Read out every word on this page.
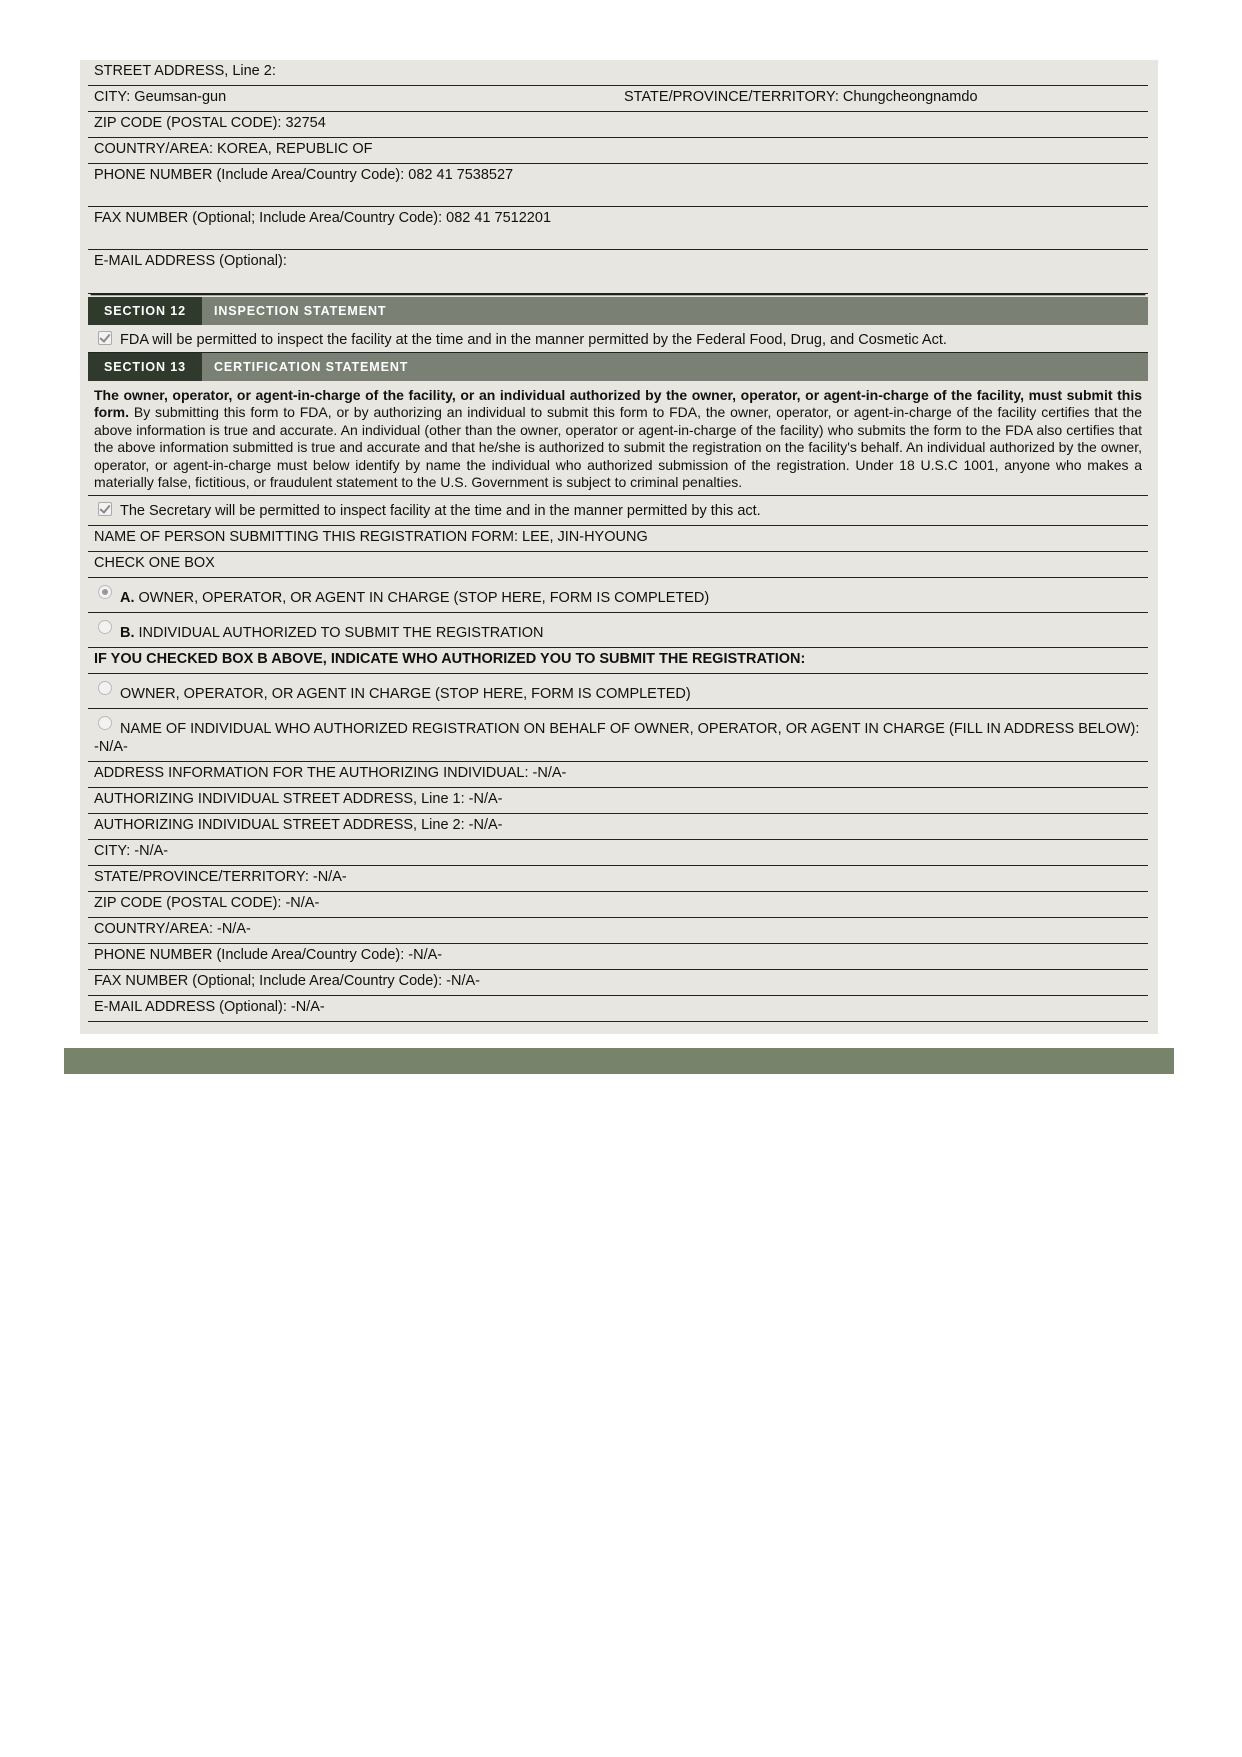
STREET ADDRESS, Line 2:
CITY: Geumsan-gun	STATE/PROVINCE/TERRITORY: Chungcheongnamdo
ZIP CODE (POSTAL CODE): 32754
COUNTRY/AREA: KOREA, REPUBLIC OF
PHONE NUMBER (Include Area/Country Code): 082 41 7538527
FAX NUMBER (Optional; Include Area/Country Code): 082 41 7512201
E-MAIL ADDRESS (Optional):
SECTION 12	INSPECTION STATEMENT
FDA will be permitted to inspect the facility at the time and in the manner permitted by the Federal Food, Drug, and Cosmetic Act.
SECTION 13	CERTIFICATION STATEMENT
The owner, operator, or agent-in-charge of the facility, or an individual authorized by the owner, operator, or agent-in-charge of the facility, must submit this form. By submitting this form to FDA, or by authorizing an individual to submit this form to FDA, the owner, operator, or agent-in-charge of the facility certifies that the above information is true and accurate. An individual (other than the owner, operator or agent-in-charge of the facility) who submits the form to the FDA also certifies that the above information submitted is true and accurate and that he/she is authorized to submit the registration on the facility's behalf. An individual authorized by the owner, operator, or agent-in-charge must below identify by name the individual who authorized submission of the registration. Under 18 U.S.C 1001, anyone who makes a materially false, fictitious, or fraudulent statement to the U.S. Government is subject to criminal penalties.
The Secretary will be permitted to inspect facility at the time and in the manner permitted by this act.
NAME OF PERSON SUBMITTING THIS REGISTRATION FORM: LEE, JIN-HYOUNG
CHECK ONE BOX
A. OWNER, OPERATOR, OR AGENT IN CHARGE (STOP HERE, FORM IS COMPLETED)
B. INDIVIDUAL AUTHORIZED TO SUBMIT THE REGISTRATION
IF YOU CHECKED BOX B ABOVE, INDICATE WHO AUTHORIZED YOU TO SUBMIT THE REGISTRATION:
OWNER, OPERATOR, OR AGENT IN CHARGE (STOP HERE, FORM IS COMPLETED)
NAME OF INDIVIDUAL WHO AUTHORIZED REGISTRATION ON BEHALF OF OWNER, OPERATOR, OR AGENT IN CHARGE (FILL IN ADDRESS BELOW): -N/A-
ADDRESS INFORMATION FOR THE AUTHORIZING INDIVIDUAL: -N/A-
AUTHORIZING INDIVIDUAL STREET ADDRESS, Line 1: -N/A-
AUTHORIZING INDIVIDUAL STREET ADDRESS, Line 2: -N/A-
CITY: -N/A-
STATE/PROVINCE/TERRITORY: -N/A-
ZIP CODE (POSTAL CODE): -N/A-
COUNTRY/AREA: -N/A-
PHONE NUMBER (Include Area/Country Code): -N/A-
FAX NUMBER (Optional; Include Area/Country Code): -N/A-
E-MAIL ADDRESS (Optional): -N/A-
